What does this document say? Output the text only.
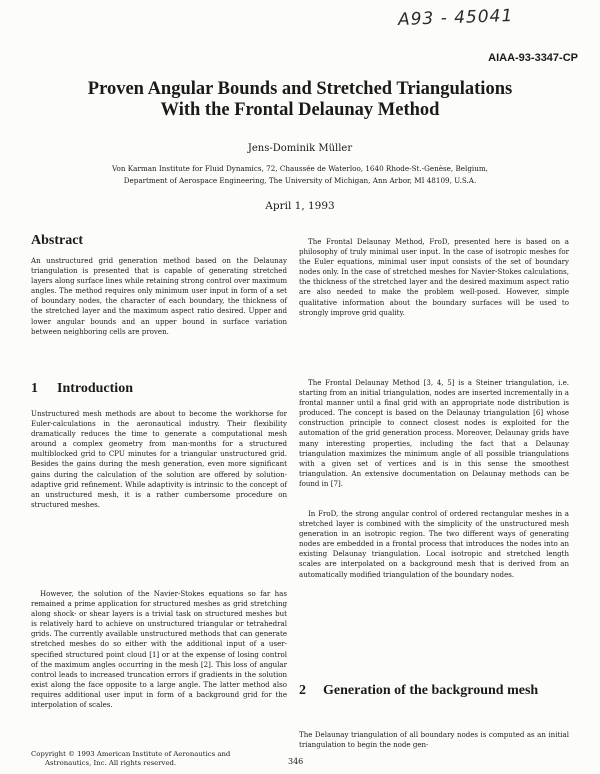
A93 - 45041
AIAA-93-3347-CP
Proven Angular Bounds and Stretched Triangulations
With the Frontal Delaunay Method
Jens-Dominik Müller
Von Karman Institute for Fluid Dynamics, 72, Chaussée de Waterloo, 1640 Rhode-St.-Genèse, Belgium,
Department of Aerospace Engineering, The University of Michigan, Ann Arbor, MI 48109, U.S.A.
April 1, 1993
Abstract
An unstructured grid generation method based on the Delaunay triangulation is presented that is capable of generating stretched layers along surface lines while retaining strong control over maximum angles. The method requires only minimum user input in form of a set of boundary nodes, the character of each boundary, the thickness of the stretched layer and the maximum aspect ratio desired. Upper and lower angular bounds and an upper bound in surface variation between neighboring cells are proven.
1 Introduction
Unstructured mesh methods are about to become the workhorse for Euler-calculations in the aeronautical industry. Their flexibility dramatically reduces the time to generate a computational mesh around a complex geometry from man-months for a structured multiblocked grid to CPU minutes for a triangular unstructured grid. Besides the gains during the mesh generation, even more significant gains during the calculation of the solution are offered by solution-adaptive grid refinement. While adaptivity is intrinsic to the concept of an unstructured mesh, it is a rather cumbersome procedure on structured meshes.
However, the solution of the Navier-Stokes equations so far has remained a prime application for structured meshes as grid stretching along shock- or shear layers is a trivial task on structured meshes but is relatively hard to achieve on unstructured triangular or tetrahedral grids. The currently available unstructured methods that can generate stretched meshes do so either with the additional input of a user-specified structured point cloud [1] or at the expense of losing control of the maximum angles occurring in the mesh [2]. This loss of angular control leads to increased truncation errors if gradients in the solution exist along the face opposite to a large angle. The latter method also requires additional user input in form of a background grid for the interpolation of scales.
The Frontal Delaunay Method, FroD, presented here is based on a philosophy of truly minimal user input. In the case of isotropic meshes for the Euler equations, minimal user input consists of the set of boundary nodes only. In the case of stretched meshes for Navier-Stokes calculations, the thickness of the stretched layer and the desired maximum aspect ratio are also needed to make the problem well-posed. However, simple qualitative information about the boundary surfaces will be used to strongly improve grid quality.
The Frontal Delaunay Method [3, 4, 5] is a Steiner triangulation, i.e. starting from an initial triangulation, nodes are inserted incrementally in a frontal manner until a final grid with an appropriate node distribution is produced. The concept is based on the Delaunay triangulation [6] whose construction principle to connect closest nodes is exploited for the automation of the grid generation process. Moreover, Delaunay grids have many interesting properties, including the fact that a Delaunay triangulation maximizes the minimum angle of all possible triangulations with a given set of vertices and is in this sense the smoothest triangulation. An extensive documentation on Delaunay methods can be found in [7].
In FroD, the strong angular control of ordered rectangular meshes in a stretched layer is combined with the simplicity of the unstructured mesh generation in an isotropic region. The two different ways of generating nodes are embedded in a frontal process that introduces the nodes into an existing Delaunay triangulation. Local isotropic and stretched length scales are interpolated on a background mesh that is derived from an automatically modified triangulation of the boundary nodes.
2 Generation of the background mesh
The Delaunay triangulation of all boundary nodes is computed as an initial triangulation to begin the node gen-
Copyright © 1993 American Institute of Aeronautics and
Astronautics, Inc. All rights reserved.	346
